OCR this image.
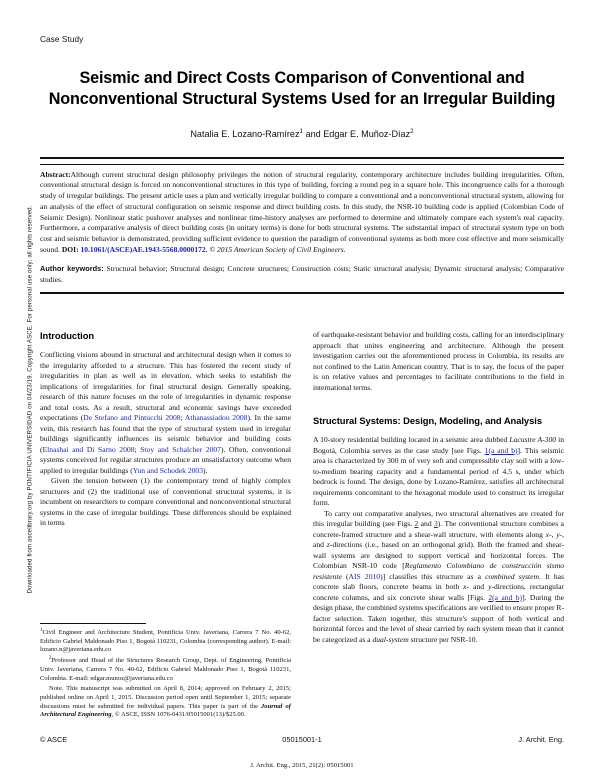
Downloaded from ascelibrary.org by PONTIFICIA UNIVERSIDAD on 04/23/19. Copyright ASCE. For personal use only; all rights reserved.
Case Study
Seismic and Direct Costs Comparison of Conventional and Nonconventional Structural Systems Used for an Irregular Building
Natalia E. Lozano-Ramírez$^1$ and Edgar E. Muñoz-Díaz$^2$

Abstract:Although current structural design philosophy privileges the notion of structural regularity, contemporary architecture includes building irregularities. Often, conventional structural design is forced on nonconventional structures in this type of building, forcing a round peg in a square hole. This incongruence calls for a thorough study of irregular buildings. The present article uses a plan and vertically irregular building to compare a conventional and a nonconventional structural system, allowing for an analysis of the effect of structural configuration on seismic response and direct building costs. In this study, the NSR-10 building code is applied (Colombian Code of Seismic Design). Nonlinear static pushover analyses and nonlinear time-history analyses are performed to determine and ultimately compare each system's real capacity. Furthermore, a comparative analysis of direct building costs (in unitary terms) is done for both structural systems. The substantial impact of structural system type on both cost and seismic behavior is demonstrated, providing sufficient evidence to question the paradigm of conventional systems as both more cost effective and more seismically sound. DOI: 10.1061/(ASCE)AE.1943-5568.0000172. © 2015 American Society of Civil Engineers.

Author keywords: Structural behavior; Structural design; Concrete structures; Construction costs; Static structural analysis; Dynamic structural analysis; Comparative studies.

Introduction

Conflicting visions abound in structural and architectural design when it comes to the irregularity afforded to a structure. This has fostered the recent study of irregularities in plan as well as in elevation, which seeks to establish the implications of irregularities for final structural design. Generally speaking, research of this nature focuses on the role of irregularities in dynamic response and total costs. As a result, structural and economic savings have exceeded expectations (De Stefano and Pintucchi 2008; Athanassiadou 2008). In the same vein, this research has found that the type of structural system used in irregular buildings significantly influences its seismic behavior and building costs (Elnashai and Di Sarno 2008; Stoy and Schalcher 2007). Often, conventional systems conceived for regular structures produce an unsatisfactory outcome when applied to irregular buildings (Yun and Schodek 2003).

Given the tension between (1) the contemporary trend of highly complex structures and (2) the traditional use of conventional structural systems, it is incumbent on researchers to compare conventional and nonconventional structural systems in the case of irregular buildings. These differences should be explained in terms

$^1$Civil Engineer and Architecture Student, Pontificia Univ. Javeriana, Carrera 7 No. 40-62, Edificio Gabriel Maldonado Piso 1, Bogotá 110231, Colombia (corresponding author). E-mail: lozano.n@javeriana.edu.co

$^2$Professor and Head of the Structures Research Group, Dept. of Engineering, Pontificia Univ. Javeriana, Carrera 7 No. 40-62, Edificio Gabriel Maldonado Piso 1, Bogotá 110231, Colombia. E-mail: edgar.munoz@javeriana.edu.co

Note. This manuscript was submitted on April 8, 2014; approved on February 2, 2015; published online on April 1, 2015. Discussion period open until September 1, 2015; separate discussions must be submitted for individual papers. This paper is part of the Journal of Architectural Engineering, © ASCE, ISSN 1076-0431/05015001(13)/$25.00.

of earthquake-resistant behavior and building costs, calling for an interdisciplinary approach that unites engineering and architecture. Although the present investigation carries out the aforementioned process in Colombia, its results are not confined to the Latin American country. That is to say, the focus of the paper is on relative values and percentages to facilitate contributions to the field in international terms.

Structural Systems: Design, Modeling, and Analysis

A 10-story residential building located in a seismic area dubbed Lacustre A-300 in Bogotá, Colombia serves as the case study [see Figs. 1(a and b)]. This seismic area is characterized by 300 m of very soft and compressible clay soil with a low-to-medium bearing capacity and a fundamental period of 4.5 s, under which bedrock is found. The design, done by Lozano-Ramírez, satisfies all architectural requirements concomitant to the hexagonal module used to construct its irregular form.

To carry out comparative analyses, two structural alternatives are created for this irregular building (see Figs. 2 and 3). The conventional structure combines a concrete-framed structure and a shear-wall structure, with elements along x-, y-, and z-directions (i.e., based on an orthogonal grid). Both the framed and shear-wall systems are designed to support vertical and horizontal forces. The Colombian NSR-10 code [Reglamento Colombiano de construcción sismo resistente (AIS 2010)] classifies this structure as a combined system. It has concrete slab floors, concrete beams in both x- and y-directions, rectangular concrete columns, and six concrete shear walls [Figs. 2(a and b)]. During the design phase, the combined systems specifications are verified to ensure proper R-factor selection. Taken together, this structure's support of both vertical and horizontal forces and the level of shear carried by each system mean that it cannot be categorized as a dual-system structure per NSR-10.

© ASCE	05015001-1	J. Archit. Eng.
J. Archit. Eng., 2015, 21(2): 05015001
